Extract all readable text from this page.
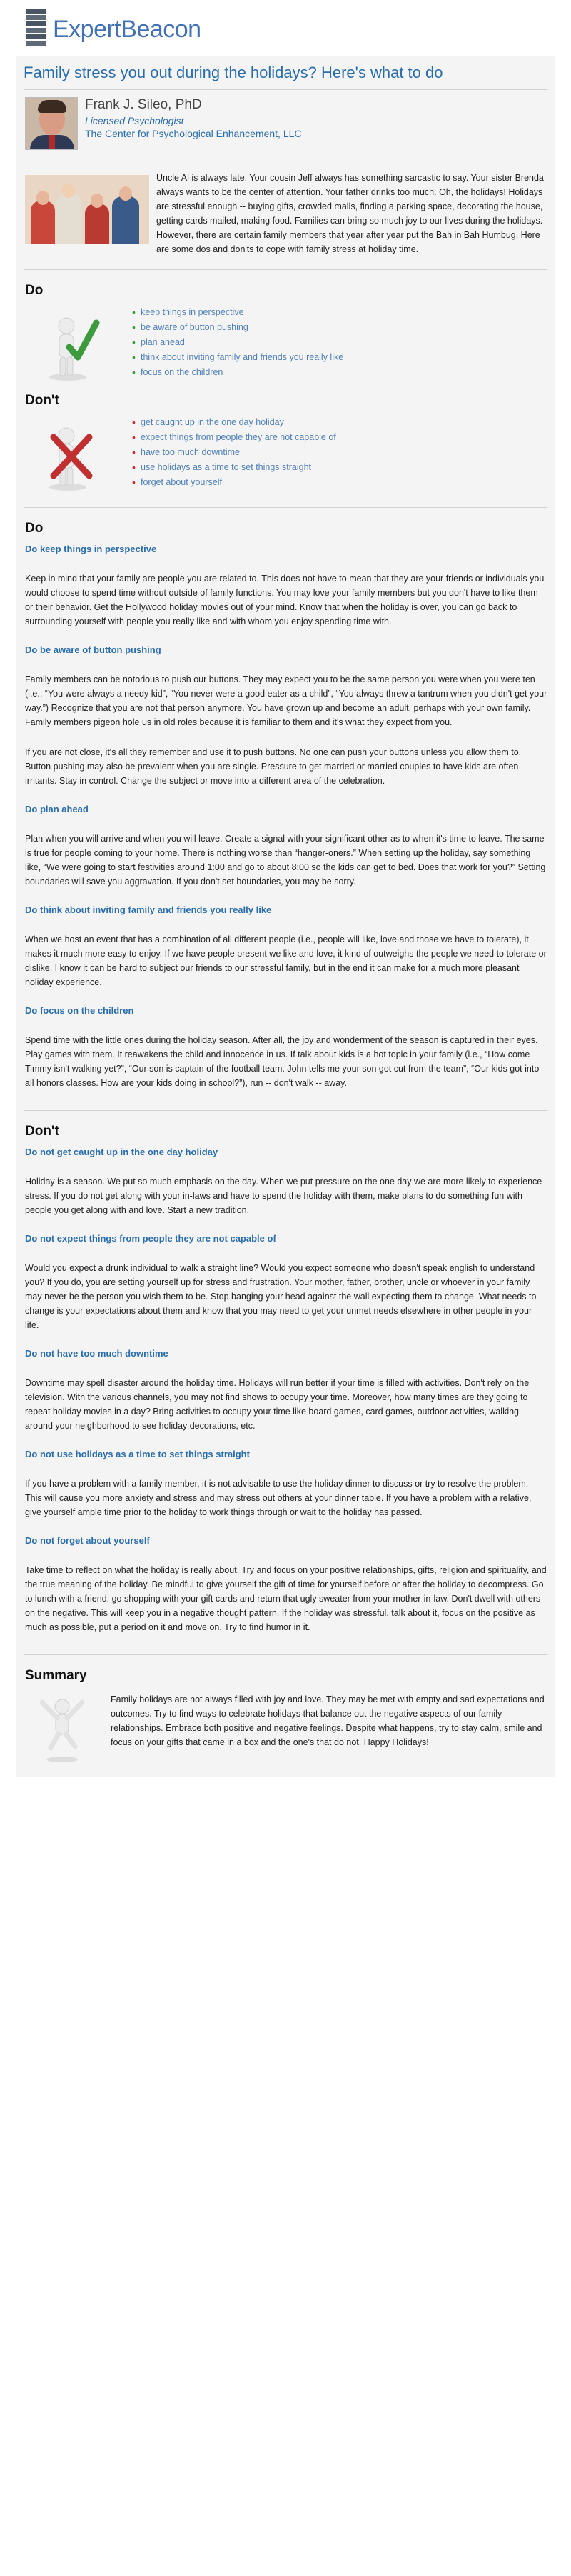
ExpertBeacon
Family stress you out during the holidays? Here's what to do
Frank J. Sileo, PhD
Licensed Psychologist
The Center for Psychological Enhancement, LLC
Uncle Al is always late. Your cousin Jeff always has something sarcastic to say. Your sister Brenda always wants to be the center of attention. Your father drinks too much. Oh, the holidays! Holidays are stressful enough -- buying gifts, crowded malls, finding a parking space, decorating the house, getting cards mailed, making food. Families can bring so much joy to our lives during the holidays. However, there are certain family members that year after year put the Bah in Bah Humbug. Here are some dos and don'ts to cope with family stress at holiday time.
Do
• keep things in perspective
• be aware of button pushing
• plan ahead
• think about inviting family and friends you really like
• focus on the children
Don't
• get caught up in the one day holiday
• expect things from people they are not capable of
• have too much downtime
• use holidays as a time to set things straight
• forget about yourself
Do
Do keep things in perspective

Keep in mind that your family are people you are related to. This does not have to mean that they are your friends or individuals you would choose to spend time without outside of family functions. You may love your family members but you don't have to like them or their behavior. Get the Hollywood holiday movies out of your mind. Know that when the holiday is over, you can go back to surrounding yourself with people you really like and with whom you enjoy spending time with.

Do be aware of button pushing

Family members can be notorious to push our buttons. They may expect you to be the same person you were when you were ten (i.e., “You were always a needy kid”, “You never were a good eater as a child”, “You always threw a tantrum when you didn't get your way.”) Recognize that you are not that person anymore. You have grown up and become an adult, perhaps with your own family. Family members pigeon hole us in old roles because it is familiar to them and it's what they expect from you.

If you are not close, it's all they remember and use it to push buttons. No one can push your buttons unless you allow them to. Button pushing may also be prevalent when you are single. Pressure to get married or married couples to have kids are often irritants. Stay in control. Change the subject or move into a different area of the celebration.

Do plan ahead

Plan when you will arrive and when you will leave. Create a signal with your significant other as to when it's time to leave. The same is true for people coming to your home. There is nothing worse than “hanger-oners.” When setting up the holiday, say something like, “We were going to start festivities around 1:00 and go to about 8:00 so the kids can get to bed. Does that work for you?” Setting boundaries will save you aggravation. If you don't set boundaries, you may be sorry.

Do think about inviting family and friends you really like

When we host an event that has a combination of all different people (i.e., people will like, love and those we have to tolerate), it makes it much more easy to enjoy. If we have people present we like and love, it kind of outweighs the people we need to tolerate or dislike. I know it can be hard to subject our friends to our stressful family, but in the end it can make for a much more pleasant holiday experience.

Do focus on the children

Spend time with the little ones during the holiday season. After all, the joy and wonderment of the season is captured in their eyes. Play games with them. It reawakens the child and innocence in us. If talk about kids is a hot topic in your family (i.e., “How come Timmy isn't walking yet?”, “Our son is captain of the football team. John tells me your son got cut from the team”, “Our kids got into all honors classes. How are your kids doing in school?”), run -- don't walk -- away.

Don't
Do not get caught up in the one day holiday

Holiday is a season. We put so much emphasis on the day. When we put pressure on the one day we are more likely to experience stress. If you do not get along with your in-laws and have to spend the holiday with them, make plans to do something fun with people you get along with and love. Start a new tradition.

Do not expect things from people they are not capable of

Would you expect a drunk individual to walk a straight line? Would you expect someone who doesn't speak english to understand you? If you do, you are setting yourself up for stress and frustration. Your mother, father, brother, uncle or whoever in your family may never be the person you wish them to be. Stop banging your head against the wall expecting them to change. What needs to change is your expectations about them and know that you may need to get your unmet needs elsewhere in other people in your life.

Do not have too much downtime

Downtime may spell disaster around the holiday time. Holidays will run better if your time is filled with activities. Don't rely on the television. With the various channels, you may not find shows to occupy your time. Moreover, how many times are they going to repeat holiday movies in a day? Bring activities to occupy your time like board games, card games, outdoor activities, walking around your neighborhood to see holiday decorations, etc.

Do not use holidays as a time to set things straight

If you have a problem with a family member, it is not advisable to use the holiday dinner to discuss or try to resolve the problem. This will cause you more anxiety and stress and may stress out others at your dinner table. If you have a problem with a relative, give yourself ample time prior to the holiday to work things through or wait to the holiday has passed.

Do not forget about yourself

Take time to reflect on what the holiday is really about. Try and focus on your positive relationships, gifts, religion and spirituality, and the true meaning of the holiday. Be mindful to give yourself the gift of time for yourself before or after the holiday to decompress. Go to lunch with a friend, go shopping with your gift cards and return that ugly sweater from your mother-in-law. Don't dwell with others on the negative. This will keep you in a negative thought pattern. If the holiday was stressful, talk about it, focus on the positive as much as possible, put a period on it and move on. Try to find humor in it.

Summary
Family holidays are not always filled with joy and love. They may be met with empty and sad expectations and outcomes. Try to find ways to celebrate holidays that balance out the negative aspects of our family relationships. Embrace both positive and negative feelings. Despite what happens, try to stay calm, smile and focus on your gifts that came in a box and the one's that do not. Happy Holidays!
